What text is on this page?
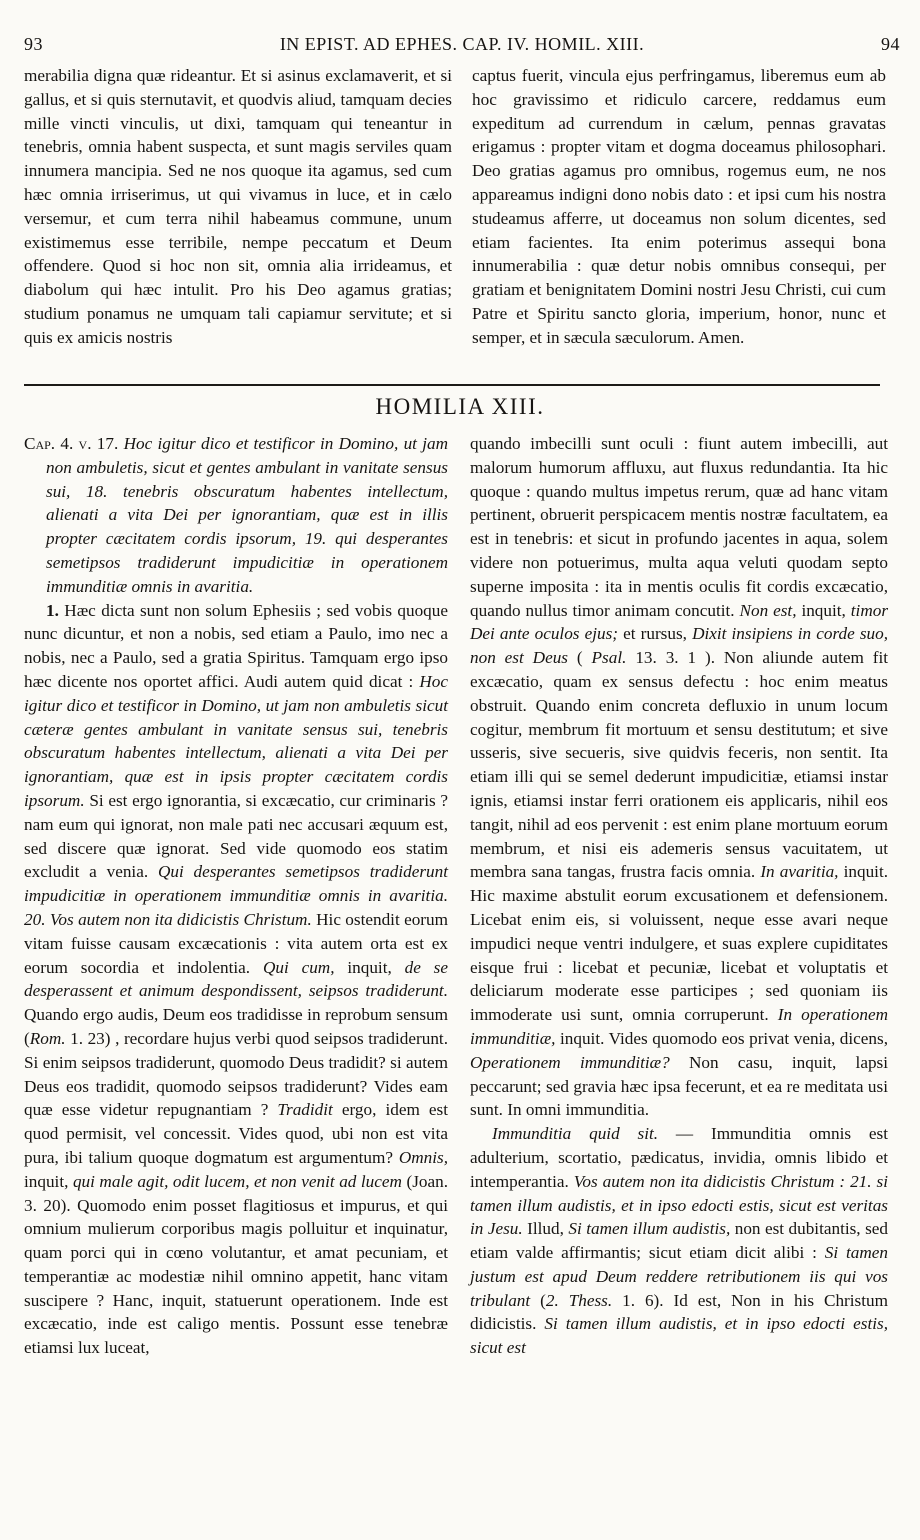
IN EPIST. AD EPHES. CAP. IV. HOMIL. XIII.
93	94

merabilia digna quæ rideantur. Et si asinus exclamaverit, et si gallus, et si quis sternutavit, et quodvis aliud, tamquam decies mille vincti vinculis, ut dixi, tamquam qui teneantur in tenebris, omnia habent suspecta, et sunt magis serviles quam innumera mancipia. Sed ne nos quoque ita agamus, sed cum hæc omnia irriserimus, ut qui vivamus in luce, et in cælo versemur, et cum terra nihil habeamus commune, unum existimemus esse terribile, nempe peccatum et Deum offendere. Quod si hoc non sit, omnia alia irrideamus, et diabolum qui hæc intulit. Pro his Deo agamus gratias; studium ponamus ne umquam tali capiamur servitute; et si quis ex amicis nostris

captus fuerit, vincula ejus perfringamus, liberemus eum ab hoc gravissimo et ridiculo carcere, reddamus eum expeditum ad currendum in cælum, pennas gravatas erigamus : propter vitam et dogma doceamus philosophari. Deo gratias agamus pro omnibus, rogemus eum, ne nos appareamus indigni dono nobis dato : et ipsi cum his nostra studeamus afferre, ut doceamus non solum dicentes, sed etiam facientes. Ita enim poterimus assequi bona innumerabilia : quæ detur nobis omnibus consequi, per gratiam et benignitatem Domini nostri Jesu Christi, cui cum Patre et Spiritu sancto gloria, imperium, honor, nunc et semper, et in sæcula sæculorum. Amen.

HOMILIA XIII.

Cap. 4. v. 17. Hoc igitur dico et testificor in Domino, ut jam non ambuletis, sicut et gentes ambulant in vanitate sensus sui, 18. tenebris obscuratum habentes intellectum, alienati a vita Dei per ignorantiam, quæ est in illis propter cæcitatem cordis ipsorum, 19. qui desperantes semetipsos tradiderunt impudicitiæ in operationem immunditiæ omnis in avaritia.

1. Hæc dicta sunt non solum Ephesiis ; sed vobis quoque nunc dicuntur, et non a nobis, sed etiam a Paulo, imo nec a nobis, nec a Paulo, sed a gratia Spiritus. Tamquam ergo ipso hæc dicente nos oportet affici. Audi autem quid dicat : Hoc igitur dico et testificor in Domino, ut jam non ambuletis sicut cæteræ gentes ambulant in vanitate sensus sui, tenebris obscuratum habentes intellectum, alienati a vita Dei per ignorantiam, quæ est in ipsis propter cæcitatem cordis ipsorum. Si est ergo ignorantia, si excæcatio, cur criminaris ? nam eum qui ignorat, non male pati nec accusari æquum est, sed discere quæ ignorat. Sed vide quomodo eos statim excludit a venia. Qui desperantes semetipsos tradiderunt impudicitiæ in operationem immunditiæ omnis in avaritia. 20. Vos autem non ita didicistis Christum. Hic ostendit eorum vitam fuisse causam excæcationis : vita autem orta est ex eorum socordia et indolentia. Qui cum, inquit, de se desperassent et animum despondissent, seipsos tradiderunt. Quando ergo audis, Deum eos tradidisse in reprobum sensum (Rom. 1. 23) , recordare hujus verbi quod seipsos tradiderunt. Si enim seipsos tradiderunt, quomodo Deus tradidit? si autem Deus eos tradidit, quomodo seipsos tradiderunt? Vides eam quæ esse videtur repugnantiam ? Tradidit ergo, idem est quod permisit, vel concessit. Vides quod, ubi non est vita pura, ibi talium quoque dogmatum est argumentum? Omnis, inquit, qui male agit, odit lucem, et non venit ad lucem (Joan. 3. 20). Quomodo enim posset flagitiosus et impurus, et qui omnium mulierum corporibus magis polluitur et inquinatur, quam porci qui in cœno volutantur, et amat pecuniam, et temperantiæ ac modestiæ nihil omnino appetit, hanc vitam suscipere ? Hanc, inquit, statuerunt operationem. Inde est excæcatio, inde est caligo mentis. Possunt esse tenebræ etiamsi lux luceat,

quando imbecilli sunt oculi : fiunt autem imbecilli, aut malorum humorum affluxu, aut fluxus redundantia. Ita hic quoque : quando multus impetus rerum, quæ ad hanc vitam pertinent, obruerit perspicacem mentis nostræ facultatem, ea est in tenebris: et sicut in profundo jacentes in aqua, solem videre non potuerimus, multa aqua veluti quodam septo superne imposita : ita in mentis oculis fit cordis excæcatio, quando nullus timor animam concutit. Non est, inquit, timor Dei ante oculos ejus; et rursus, Dixit insipiens in corde suo, non est Deus ( Psal. 13. 3. 1 ). Non aliunde autem fit excæcatio, quam ex sensus defectu : hoc enim meatus obstruit. Quando enim concreta defluxio in unum locum cogitur, membrum fit mortuum et sensu destitutum; et sive usseris, sive secueris, sive quidvis feceris, non sentit. Ita etiam illi qui se semel dederunt impudicitiæ, etiamsi instar ignis, etiamsi instar ferri orationem eis applicaris, nihil eos tangit, nihil ad eos pervenit : est enim plane mortuum eorum membrum, et nisi eis ademeris sensus vacuitatem, ut membra sana tangas, frustra facis omnia. In avaritia, inquit. Hic maxime abstulit eorum excusationem et defensionem. Licebat enim eis, si voluissent, neque esse avari neque impudici neque ventri indulgere, et suas explere cupiditates eisque frui : licebat et pecuniæ, licebat et voluptatis et deliciarum moderate esse participes ; sed quoniam iis immoderate usi sunt, omnia corruperunt. In operationem immunditiæ, inquit. Vides quomodo eos privat venia, dicens, Operationem immunditiæ? Non casu, inquit, lapsi peccarunt; sed gravia hæc ipsa fecerunt, et ea re meditata usi sunt. In omni immunditia.

Immunditia quid sit. — Immunditia omnis est adulterium, scortatio, pædicatus, invidia, omnis libido et intemperantia. Vos autem non ita didicistis Christum : 21. si tamen illum audistis, et in ipso edocti estis, sicut est veritas in Jesu. Illud, Si tamen illum audistis, non est dubitantis, sed etiam valde affirmantis; sicut etiam dicit alibi : Si tamen justum est apud Deum reddere retributionem iis qui vos tribulant (2. Thess. 1. 6). Id est, Non in his Christum didicistis. Si tamen illum audistis, et in ipso edocti estis, sicut est
